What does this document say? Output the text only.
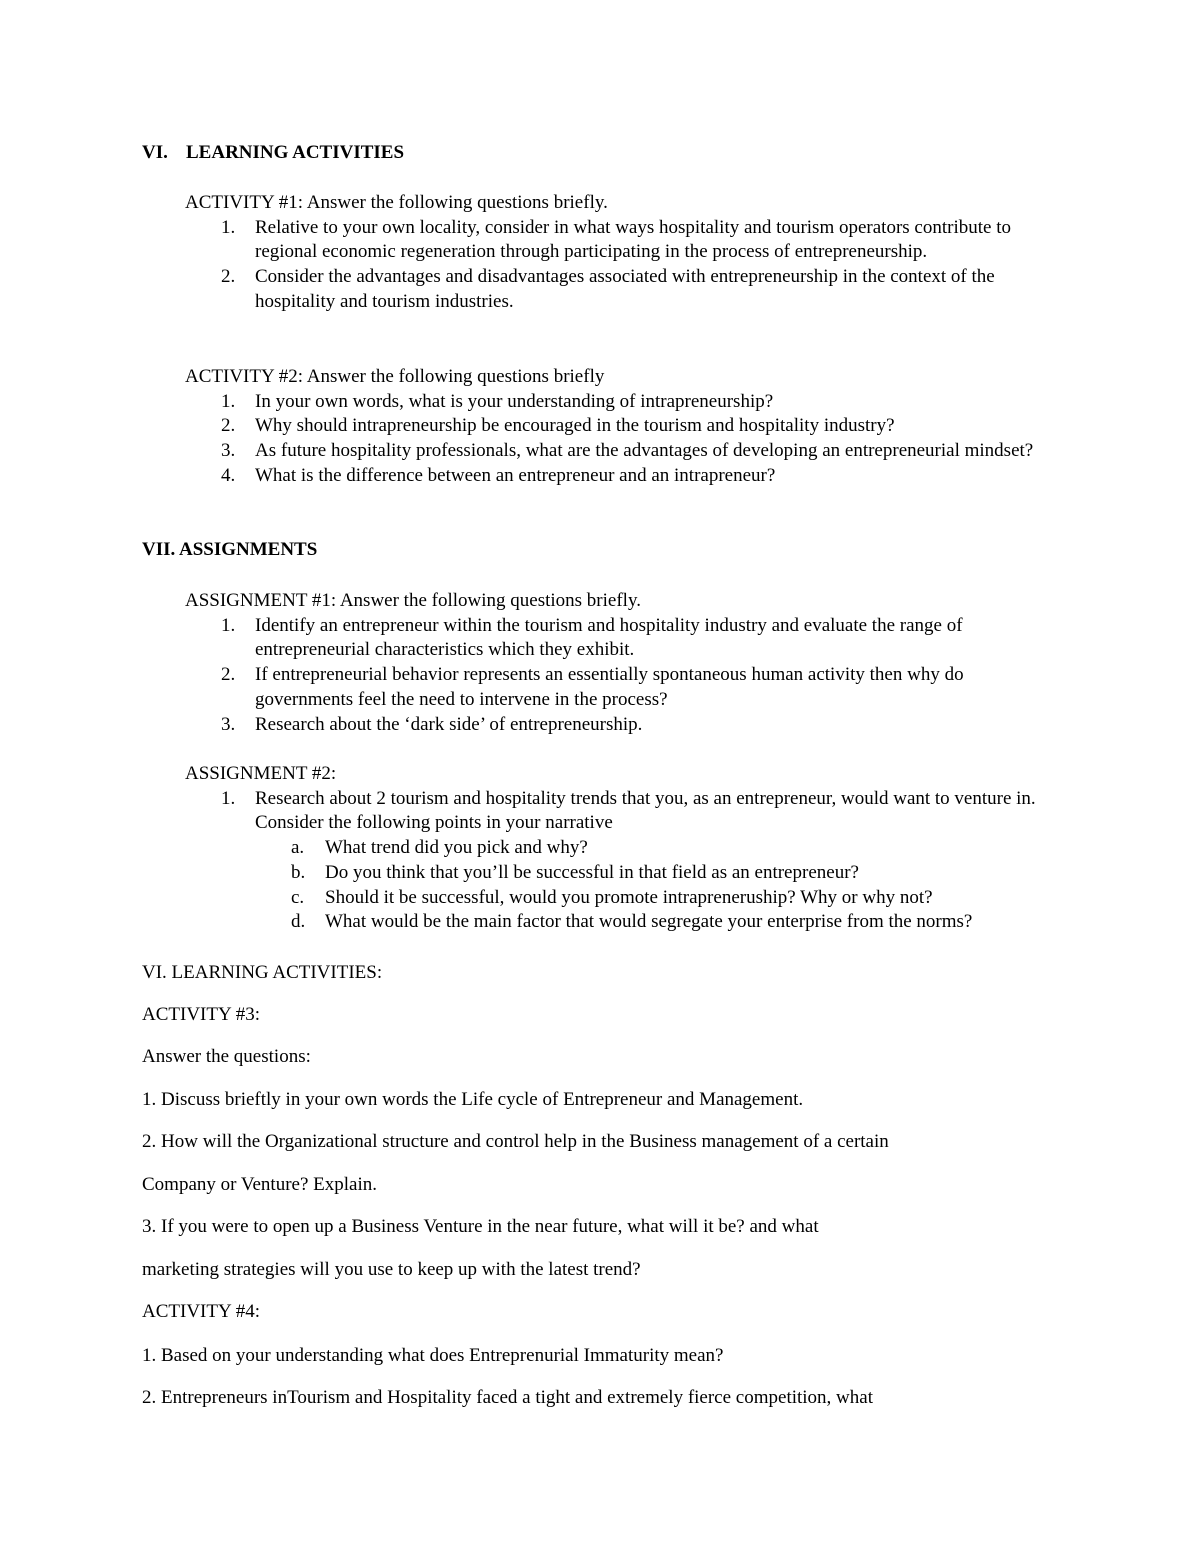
VI. LEARNING ACTIVITIES
ACTIVITY #1: Answer the following questions briefly.
1. Relative to your own locality, consider in what ways hospitality and tourism operators contribute to regional economic regeneration through participating in the process of entrepreneurship.
2. Consider the advantages and disadvantages associated with entrepreneurship in the context of the hospitality and tourism industries.
ACTIVITY #2: Answer the following questions briefly
1. In your own words, what is your understanding of intrapreneurship?
2. Why should intrapreneurship be encouraged in the tourism and hospitality industry?
3. As future hospitality professionals, what are the advantages of developing an entrepreneurial mindset?
4. What is the difference between an entrepreneur and an intrapreneur?
VII. ASSIGNMENTS
ASSIGNMENT #1: Answer the following questions briefly.
1. Identify an entrepreneur within the tourism and hospitality industry and evaluate the range of entrepreneurial characteristics which they exhibit.
2. If entrepreneurial behavior represents an essentially spontaneous human activity then why do governments feel the need to intervene in the process?
3. Research about the ‘dark side’ of entrepreneurship.
ASSIGNMENT #2:
1. Research about 2 tourism and hospitality trends that you, as an entrepreneur, would want to venture in. Consider the following points in your narrative
a. What trend did you pick and why?
b. Do you think that you’ll be successful in that field as an entrepreneur?
c. Should it be successful, would you promote intrapreneruship? Why or why not?
d. What would be the main factor that would segregate your enterprise from the norms?
VI. LEARNING ACTIVITIES:
ACTIVITY #3:
Answer the questions:
1. Discuss brieftly in your own words the Life cycle of Entrepreneur and Management.
2. How will the Organizational structure and control help in the Business management of a certain
Company or Venture? Explain.
3. If you were to open up a Business Venture in the near future, what will it be? and what
marketing strategies will you use to keep up with the latest trend?
ACTIVITY #4:
1. Based on your understanding what does Entreprenurial Immaturity mean?
2. Entrepreneurs inTourism and Hospitality faced a tight and extremely fierce competition, what
